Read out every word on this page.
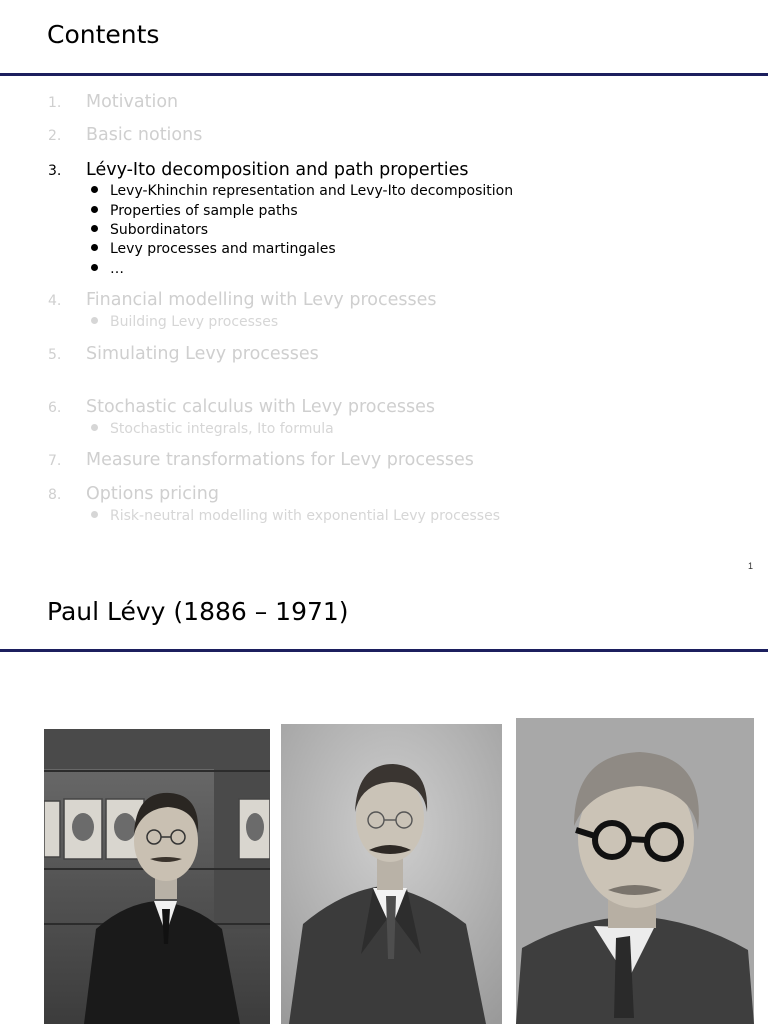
Contents
1. Motivation
2. Basic notions
3. Lévy-Ito decomposition and path properties
Levy-Khinchin representation and Levy-Ito decomposition
Properties of sample paths
Subordinators
Levy processes and martingales
…
4. Financial modelling with Levy processes
Building Levy processes
5. Simulating Levy processes
6. Stochastic calculus with Levy processes
Stochastic integrals, Ito formula
7. Measure transformations for Levy processes
8. Options pricing
Risk-neutral modelling with exponential Levy processes
1
Paul Lévy (1886 – 1971)
